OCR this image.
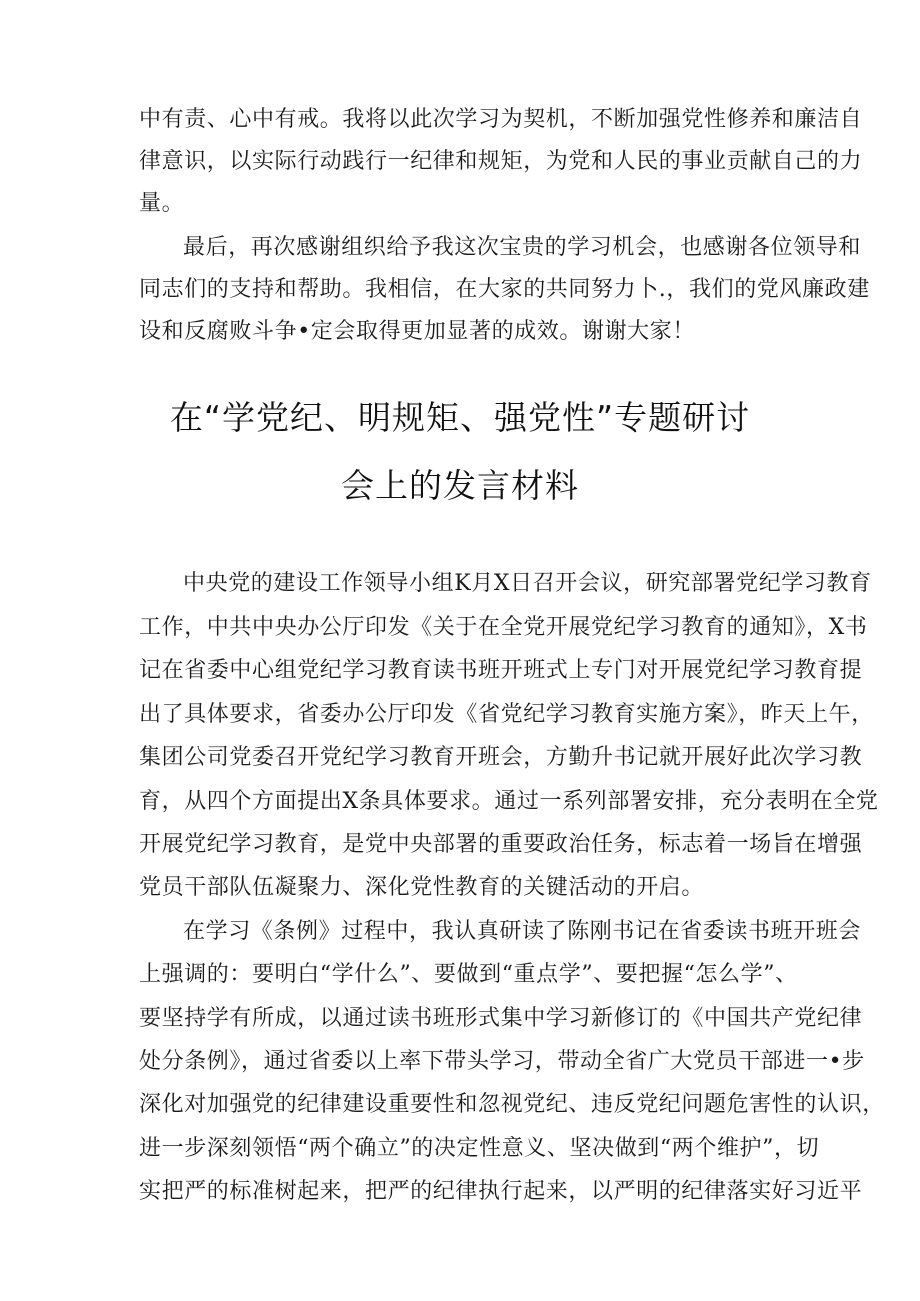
中有责、心中有戒。我将以此次学习为契机，不断加强党性修养和廉洁自
律意识，以实际行动践行一纪律和规矩，为党和人民的事业贡献自己的力
量。
最后，再次感谢组织给予我这次宝贵的学习机会，也感谢各位领导和
同志们的支持和帮助。我相信，在大家的共同努力卜.，我们的党风廉政建
设和反腐败斗争•定会取得更加显著的成效。谢谢大家！
在“学党纪、明规矩、强党性”专题研讨
会上的发言材料
中央党的建设工作领导小组K月X日召开会议，研究部署党纪学习教育
工作，中共中央办公厅印发《关于在全党开展党纪学习教育的通知》，X书
记在省委中心组党纪学习教育读书班开班式上专门对开展党纪学习教育提
出了具体要求，省委办公厅印发《省党纪学习教育实施方案》，昨天上午，
集团公司党委召开党纪学习教育开班会，方勤升书记就开展好此次学习教
育，从四个方面提出X条具体要求。通过一系列部署安排，充分表明在全党
开展党纪学习教育，是党中央部署的重要政治任务，标志着一场旨在增强
党员干部队伍凝聚力、深化党性教育的关键活动的开启。
在学习《条例》过程中，我认真研读了陈刚书记在省委读书班开班会
上强调的：要明白“学什么”、要做到“重点学”、要把握“怎么学”、
要坚持学有所成，以通过读书班形式集中学习新修订的《中国共产党纪律
处分条例》，通过省委以上率下带头学习，带动全省广大党员干部进一•步
深化对加强党的纪律建设重要性和忽视党纪、违反党纪问题危害性的认识，
进一步深刻领悟“两个确立”的决定性意义、坚决做到“两个维护”，切
实把严的标准树起来，把严的纪律执行起来，以严明的纪律落实好习近平
